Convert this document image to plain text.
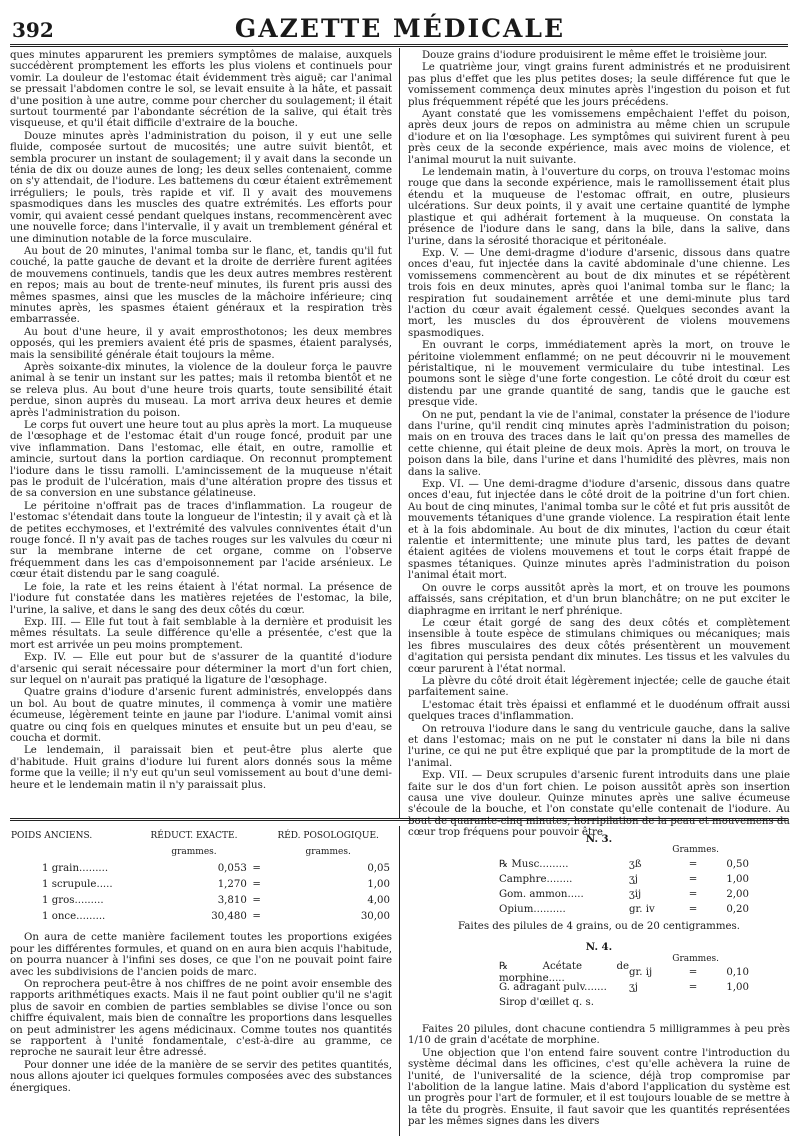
392	GAZETTE MÉDICALE

ques minutes apparurent les premiers symptômes de malaise, auxquels succédèrent promptement les efforts les plus violens et continuels pour vomir. La douleur de l'estomac était évidemment très aiguë; car l'animal se pressait l'abdomen contre le sol, se levait ensuite à la hâte, et passait d'une position à une autre, comme pour chercher du soulagement; il était surtout tourmenté par l'abondante sécrétion de la salive, qui était très visqueuse, et qu'il était difficile d'extraire de la bouche.

Douze minutes après l'administration du poison, il y eut une selle fluide, composée surtout de mucosités; une autre suivit bientôt, et sembla procurer un instant de soulagement; il y avait dans la seconde un ténia de dix ou douze aunes de long; les deux selles contenaient, comme on s'y attendait, de l'iodure. Les battemens du cœur étaient extrêmement irréguliers; le pouls, très rapide et vif. Il y avait des mouvemens spasmodiques dans les muscles des quatre extrémités. Les efforts pour vomir, qui avaient cessé pendant quelques instans, recommencèrent avec une nouvelle force; dans l'intervalle, il y avait un tremblement général et une diminution notable de la force musculaire.

Au bout de 20 minutes, l'animal tomba sur le flanc, et, tandis qu'il fut couché, la patte gauche de devant et la droite de derrière furent agitées de mouvemens continuels, tandis que les deux autres membres restèrent en repos; mais au bout de trente-neuf minutes, ils furent pris aussi des mêmes spasmes, ainsi que les muscles de la mâchoire inférieure; cinq minutes après, les spasmes étaient généraux et la respiration très embarrassée.

Au bout d'une heure, il y avait emprosthotonos; les deux membres opposés, qui les premiers avaient été pris de spasmes, étaient paralysés, mais la sensibilité générale était toujours la même.

Après soixante-dix minutes, la violence de la douleur força le pauvre animal à se tenir un instant sur les pattes; mais il retomba bientôt et ne se releva plus. Au bout d'une heure trois quarts, toute sensibilité était perdue, sinon auprès du museau. La mort arriva deux heures et demie après l'administration du poison.

Le corps fut ouvert une heure tout au plus après la mort. La muqueuse de l'œsophage et de l'estomac était d'un rouge foncé, produit par une vive inflammation. Dans l'estomac, elle était, en outre, ramollie et amincie, surtout dans la portion cardiaque. On reconnut promptement l'iodure dans le tissu ramolli. L'amincissement de la muqueuse n'était pas le produit de l'ulcération, mais d'une altération propre des tissus et de sa conversion en une substance gélatineuse.

Le péritoine n'offrait pas de traces d'inflammation. La rougeur de l'estomac s'étendait dans toute la longueur de l'intestin; il y avait çà et là de petites ecchymoses, et l'extrémité des valvules conniventes était d'un rouge foncé. Il n'y avait pas de taches rouges sur les valvules du cœur ni sur la membrane interne de cet organe, comme on l'observe fréquemment dans les cas d'empoisonnement par l'acide arsénieux. Le cœur était distendu par le sang coagulé.

Le foie, la rate et les reins étaient à l'état normal. La présence de l'iodure fut constatée dans les matières rejetées de l'estomac, la bile, l'urine, la salive, et dans le sang des deux côtés du cœur.

Exp. III. — Elle fut tout à fait semblable à la dernière et produisit les mêmes résultats. La seule différence qu'elle a présentée, c'est que la mort est arrivée un peu moins promptement.

Exp. IV. — Elle eut pour but de s'assurer de la quantité d'iodure d'arsenic qui serait nécessaire pour déterminer la mort d'un fort chien, sur lequel on n'aurait pas pratiqué la ligature de l'œsophage.

Quatre grains d'iodure d'arsenic furent administrés, enveloppés dans un bol. Au bout de quatre minutes, il commença à vomir une matière écumeuse, légèrement teinte en jaune par l'iodure. L'animal vomit ainsi quatre ou cinq fois en quelques minutes et ensuite but un peu d'eau, se coucha et dormit.

Le lendemain, il paraissait bien et peut-être plus alerte que d'habitude. Huit grains d'iodure lui furent alors donnés sous la même forme que la veille; il n'y eut qu'un seul vomissement au bout d'une demi-heure et le lendemain matin il n'y paraissait plus.

Douze grains d'iodure produisirent le même effet le troisième jour.

Le quatrième jour, vingt grains furent administrés et ne produisirent pas plus d'effet que les plus petites doses; la seule différence fut que le vomissement commença deux minutes après l'ingestion du poison et fut plus fréquemment répété que les jours précédens.

Ayant constaté que les vomissemens empêchaient l'effet du poison, après deux jours de repos on administra au même chien un scrupule d'iodure et on lia l'œsophage. Les symptômes qui suivirent furent à peu près ceux de la seconde expérience, mais avec moins de violence, et l'animal mourut la nuit suivante.

Le lendemain matin, à l'ouverture du corps, on trouva l'estomac moins rouge que dans la seconde expérience, mais le ramollissement était plus étendu et la muqueuse de l'estomac offrait, en outre, plusieurs ulcérations. Sur deux points, il y avait une certaine quantité de lymphe plastique et qui adhérait fortement à la muqueuse. On constata la présence de l'iodure dans le sang, dans la bile, dans la salive, dans l'urine, dans la sérosité thoracique et péritonéale.

Exp. V. — Une demi-dragme d'iodure d'arsenic, dissous dans quatre onces d'eau, fut injectée dans la cavité abdominale d'une chienne. Les vomissemens commencèrent au bout de dix minutes et se répétèrent trois fois en deux minutes, après quoi l'animal tomba sur le flanc; la respiration fut soudainement arrêtée et une demi-minute plus tard l'action du cœur avait également cessé. Quelques secondes avant la mort, les muscles du dos éprouvèrent de violens mouvemens spasmodiques.

En ouvrant le corps, immédiatement après la mort, on trouve le péritoine violemment enflammé; on ne peut découvrir ni le mouvement péristaltique, ni le mouvement vermiculaire du tube intestinal. Les poumons sont le siège d'une forte congestion. Le côté droit du cœur est distendu par une grande quantité de sang, tandis que le gauche est presque vide.

On ne put, pendant la vie de l'animal, constater la présence de l'iodure dans l'urine, qu'il rendit cinq minutes après l'administration du poison; mais on en trouva des traces dans le lait qu'on pressa des mamelles de cette chienne, qui était pleine de deux mois. Après la mort, on trouva le poison dans la bile, dans l'urine et dans l'humidité des plèvres, mais non dans la salive.

Exp. VI. — Une demi-dragme d'iodure d'arsenic, dissous dans quatre onces d'eau, fut injectée dans le côté droit de la poitrine d'un fort chien. Au bout de cinq minutes, l'animal tomba sur le côté et fut pris aussitôt de mouvements tétaniques d'une grande violence. La respiration était lente et à la fois abdominale. Au bout de dix minutes, l'action du cœur était ralentie et intermittente; une minute plus tard, les pattes de devant étaient agitées de violens mouvemens et tout le corps était frappé de spasmes tétaniques. Quinze minutes après l'administration du poison l'animal était mort.

On ouvre le corps aussitôt après la mort, et on trouve les poumons affaissés, sans crépitation, et d'un brun blanchâtre; on ne put exciter le diaphragme en irritant le nerf phrénique.

Le cœur était gorgé de sang des deux côtés et complètement insensible à toute espèce de stimulans chimiques ou mécaniques; mais les fibres musculaires des deux côtés présentèrent un mouvement d'agitation qui persista pendant dix minutes. Les tissus et les valvules du cœur parurent à l'état normal.

La plèvre du côté droit était légèrement injectée; celle de gauche était parfaitement saine.

L'estomac était très épaissi et enflammé et le duodénum offrait aussi quelques traces d'inflammation.

On retrouva l'iodure dans le sang du ventricule gauche, dans la salive et dans l'estomac; mais on ne put le constater ni dans la bile ni dans l'urine, ce qui ne put être expliqué que par la promptitude de la mort de l'animal.

Exp. VII. — Deux scrupules d'arsenic furent introduits dans une plaie faite sur le dos d'un fort chien. Le poison aussitôt après son insertion causa une vive douleur. Quinze minutes après une salive écumeuse s'écoule de la bouche, et l'on constate qu'elle contenait de l'iodure. Au bout de quarante-cinq minutes, horripilation de la peau et mouvemens du cœur trop fréquens pour pouvoir être

POIDS ANCIENS.	RÉDUCT. EXACTE.		RÉD. POSOLOGIQUE.
	grammes.		grammes.
1 grain.........	0,053	=	0,05
1 scrupule.....	1,270	=	1,00
1 gros.........	3,810	=	4,00
1 once.........	30,480	=	30,00

On aura de cette manière facilement toutes les proportions exigées pour les différentes formules, et quand on en aura bien acquis l'habitude, on pourra nuancer à l'infini ses doses, ce que l'on ne pouvait point faire avec les subdivisions de l'ancien poids de marc.

On reprochera peut-être à nos chiffres de ne point avoir ensemble des rapports arithmétiques exacts. Mais il ne faut point oublier qu'il ne s'agit plus de savoir en combien de parties semblables se divise l'once ou son chiffre équivalent, mais bien de connaître les proportions dans lesquelles on peut administrer les agens médicinaux. Comme toutes nos quantités se rapportent à l'unité fondamentale, c'est-à-dire au gramme, ce reproche ne saurait leur être adressé.

Pour donner une idée de la manière de se servir des petites quantités, nous allons ajouter ici quelques formules composées avec des substances énergiques.

N. 3.
Grammes.
℞ Musc.........	ʒß	=	0,50
Camphre........	ʒj	=	1,00
Gom. ammon.....	ʒij	=	2,00
Opium..........	gr. iv	=	0,20
Faites des pilules de 4 grains, ou de 20 centigrammes.
N. 4.
Grammes.
℞ Acétate de morphine.....
gr. ij	=	0,10
G. adragant pulv.......	ʒj	=	1,00
Sirop d'œillet q. s.

Faites 20 pilules, dont chacune contiendra 5 milligrammes à peu près 1/10 de grain d'acétate de morphine.

Une objection que l'on entend faire souvent contre l'introduction du système décimal dans les officines, c'est qu'elle achèvera la ruine de l'unité, de l'universalité de la science, déjà trop compromise par l'abolition de la langue latine. Mais d'abord l'application du système est un progrès pour l'art de formuler, et il est toujours louable de se mettre à la tête du progrès. Ensuite, il faut savoir que les quantités représentées par les mêmes signes dans les divers
